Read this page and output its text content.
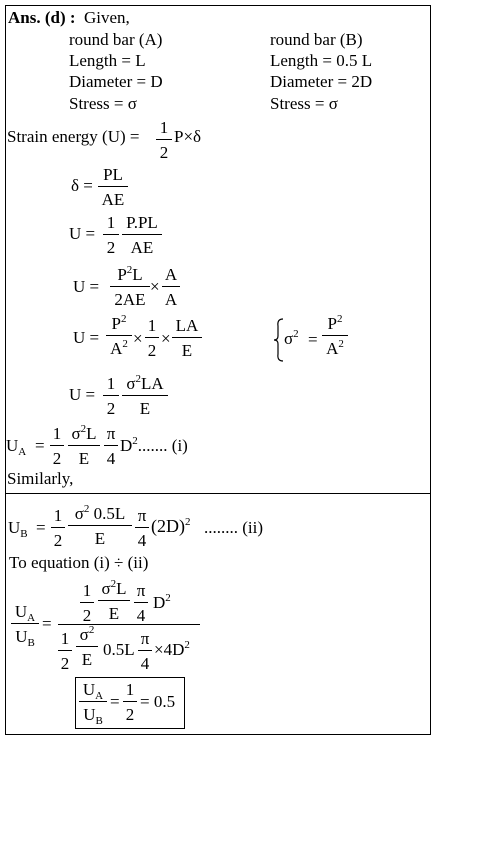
Ans. (d) : Given,
round bar (A)
Length = L
Diameter = D
Stress = σ
round bar (B)
Length = 0.5 L
Diameter = 2D
Stress = σ
Strain energy $(U) = \frac{1}{2} P\times\delta$
$\delta = \frac{PL}{AE}$
$U = \frac{1}{2} \frac{P.PL}{AE}$
$U = \frac{P^2L}{2AE} \times \frac{A}{A}$
$U = \frac{P^2}{A^2} \times \frac{1}{2} \times \frac{LA}{E}$	$\sigma^2 = \frac{P^2}{A^2}$
$U = \frac{1}{2} \frac{\sigma^2LA}{E}$
$U_A = \frac{1}{2} \frac{\sigma^2L}{E} \frac{\pi}{4} D^2$....... (i)
Similarly,
$U_B = \frac{1}{2} \frac{\sigma^2 0.5L}{E} \frac{\pi}{4} (2D)^2$ ........ (ii)
To equation (i) ÷ (ii)
$\frac{U_A}{U_B} = \frac{1}{2} \frac{\sigma^2L}{E} \frac{\pi}{4} D^2$
$\frac{1}{2} \frac{\sigma^2}{E} 0.5L \frac{\pi}{4} \times 4D^2$
$\frac{U_A}{U_B} = \frac{1}{2} = 0.5$
